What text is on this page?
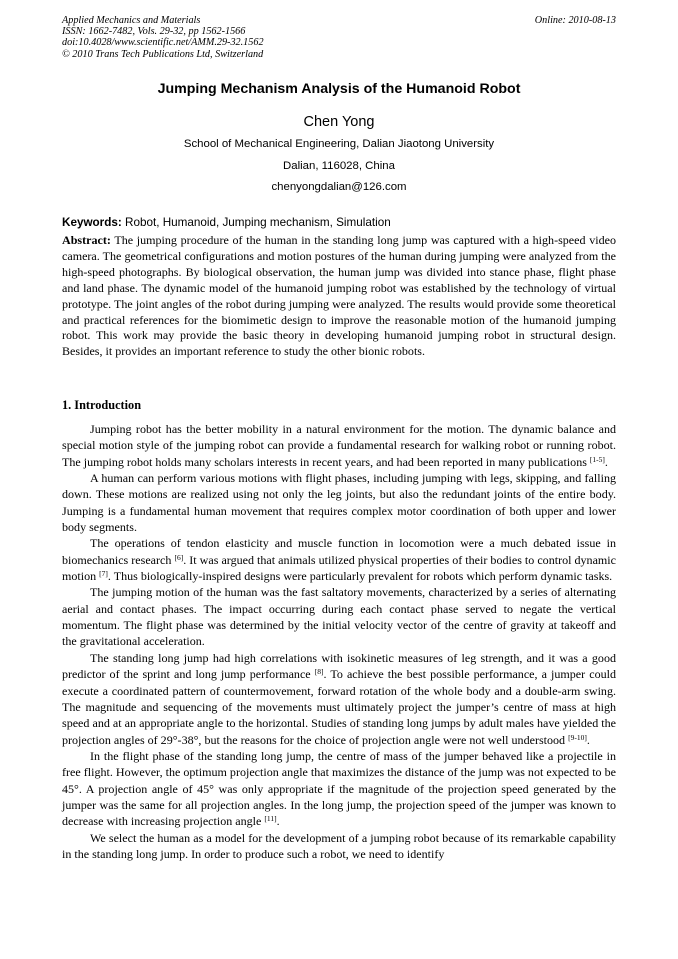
Applied Mechanics and Materials
ISSN: 1662-7482, Vols. 29-32, pp 1562-1566
doi:10.4028/www.scientific.net/AMM.29-32.1562
© 2010 Trans Tech Publications Ltd, Switzerland
Online: 2010-08-13
Jumping Mechanism Analysis of the Humanoid Robot
Chen Yong
School of Mechanical Engineering, Dalian Jiaotong University
Dalian, 116028, China
chenyongdalian@126.com
Keywords: Robot, Humanoid, Jumping mechanism, Simulation
Abstract: The jumping procedure of the human in the standing long jump was captured with a high-speed video camera. The geometrical configurations and motion postures of the human during jumping were analyzed from the high-speed photographs. By biological observation, the human jump was divided into stance phase, flight phase and land phase. The dynamic model of the humanoid jumping robot was established by the technology of virtual prototype. The joint angles of the robot during jumping were analyzed. The results would provide some theoretical and practical references for the biomimetic design to improve the reasonable motion of the humanoid jumping robot. This work may provide the basic theory in developing humanoid jumping robot in structural design. Besides, it provides an important reference to study the other bionic robots.
1. Introduction

Jumping robot has the better mobility in a natural environment for the motion. The dynamic balance and special motion style of the jumping robot can provide a fundamental research for walking robot or running robot. The jumping robot holds many scholars interests in recent years, and had been reported in many publications [1-5].

A human can perform various motions with flight phases, including jumping with legs, skipping, and falling down. These motions are realized using not only the leg joints, but also the redundant joints of the entire body. Jumping is a fundamental human movement that requires complex motor coordination of both upper and lower body segments.

The operations of tendon elasticity and muscle function in locomotion were a much debated issue in biomechanics research [6]. It was argued that animals utilized physical properties of their bodies to control dynamic motion [7]. Thus biologically-inspired designs were particularly prevalent for robots which perform dynamic tasks.

The jumping motion of the human was the fast saltatory movements, characterized by a series of alternating aerial and contact phases. The impact occurring during each contact phase served to negate the vertical momentum. The flight phase was determined by the initial velocity vector of the centre of gravity at takeoff and the gravitational acceleration.

The standing long jump had high correlations with isokinetic measures of leg strength, and it was a good predictor of the sprint and long jump performance [8]. To achieve the best possible performance, a jumper could execute a coordinated pattern of countermovement, forward rotation of the whole body and a double-arm swing. The magnitude and sequencing of the movements must ultimately project the jumper’s centre of mass at high speed and at an appropriate angle to the horizontal. Studies of standing long jumps by adult males have yielded the projection angles of 29°-38°, but the reasons for the choice of projection angle were not well understood [9-10].

In the flight phase of the standing long jump, the centre of mass of the jumper behaved like a projectile in free flight. However, the optimum projection angle that maximizes the distance of the jump was not expected to be 45°. A projection angle of 45° was only appropriate if the magnitude of the projection speed generated by the jumper was the same for all projection angles. In the long jump, the projection speed of the jumper was known to decrease with increasing projection angle [11].

We select the human as a model for the development of a jumping robot because of its remarkable capability in the standing long jump. In order to produce such a robot, we need to identify
